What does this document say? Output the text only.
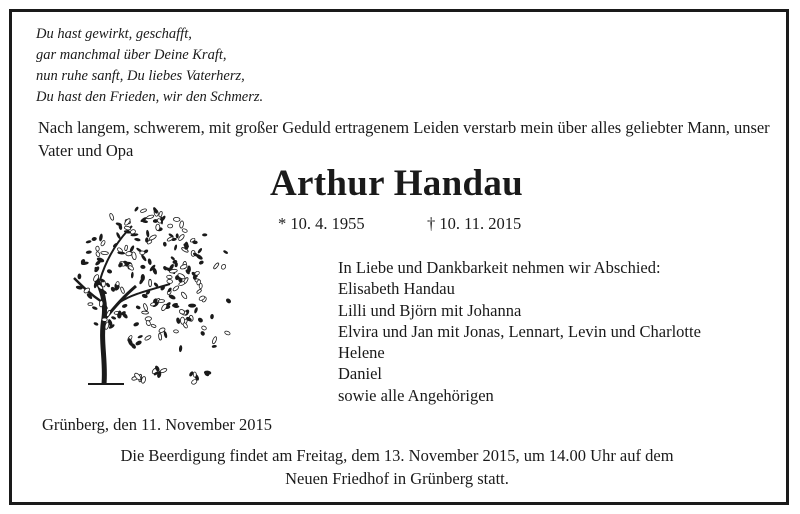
Du hast gewirkt, geschafft,
gar manchmal über Deine Kraft,
nun ruhe sanft, Du liebes Vaterherz,
Du hast den Frieden, wir den Schmerz.
Nach langem, schwerem, mit großer Geduld ertragenem Leiden verstarb mein über alles geliebter Mann, unser Vater und Opa
Arthur Handau
* 10. 4. 1955	† 10. 11. 2015
In Liebe und Dankbarkeit nehmen wir Abschied:
Elisabeth Handau
Lilli und Björn mit Johanna
Elvira und Jan mit Jonas, Lennart, Levin und Charlotte
Helene
Daniel
sowie alle Angehörigen
Grünberg, den 11. November 2015
Die Beerdigung findet am Freitag, dem 13. November 2015, um 14.00 Uhr auf dem
Neuen Friedhof in Grünberg statt.
